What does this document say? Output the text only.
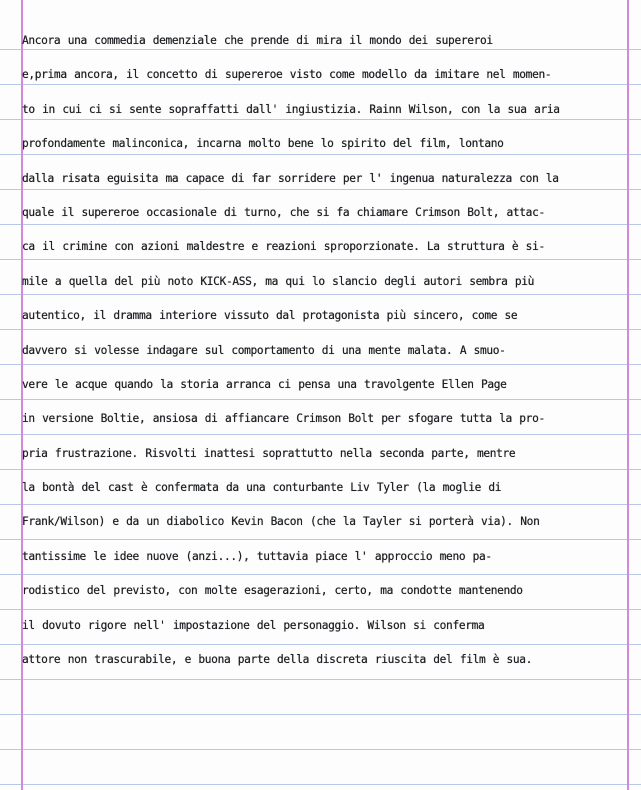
Ancora una commedia demenziale che prende di mira il mondo dei supereroi
e,prima ancora, il concetto di supereroe visto come modello da imitare nel momen-
to in cui ci si sente sopraffatti dall' ingiustizia. Rainn Wilson, con la sua aria
profondamente malinconica, incarna molto bene lo spirito del film, lontano
dalla risata eguisita ma capace di far sorridere per l' ingenua naturalezza con la
quale il supereroe occasionale di turno, che si fa chiamare Crimson Bolt, attac-
ca il crimine con azioni maldestre e reazioni sproporzionate. La struttura è si-
mile a quella del più noto KICK-ASS, ma qui lo slancio degli autori sembra più
autentico, il dramma interiore vissuto dal protagonista più sincero, come se
davvero si volesse indagare sul comportamento di una mente malata. A smuo-
vere le acque quando la storia arranca ci pensa una travolgente Ellen Page
in versione Boltie, ansiosa di affiancare Crimson Bolt per sfogare tutta la pro-
pria frustrazione. Risvolti inattesi soprattutto nella seconda parte, mentre
la bontà del cast è confermata da una conturbante Liv Tyler (la moglie di
Frank/Wilson) e da un diabolico Kevin Bacon (che la Tayler si porterà via). Non
tantissime le idee nuove (anzi...), tuttavia piace l' approccio meno pa-
rodistico del previsto, con molte esagerazioni, certo, ma condotte mantenendo
il dovuto rigore nell' impostazione del personaggio. Wilson si conferma
attore non trascurabile, e buona parte della discreta riuscita del film è sua.
